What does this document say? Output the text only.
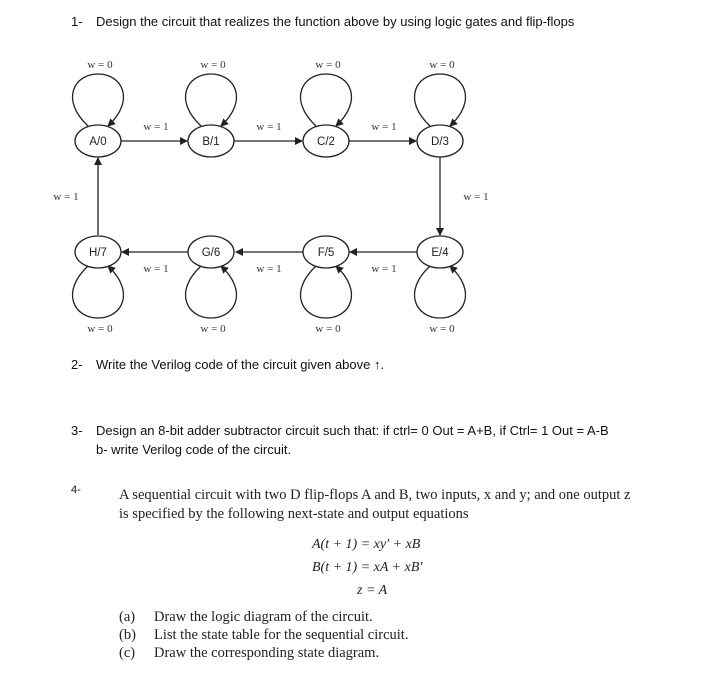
1- Design the circuit that realizes the function above by using logic gates and flip-flops
A/0	B/1	C/2	D/3
E/4
F/5
G/6
H/7
w = 0	w = 0	w = 0	w = 0
w = 0	w = 0	w = 0	w = 0
w = 1	w = 1	w = 1
w = 1
w = 1
w = 1
w = 1
w = 1
2- Write the Verilog code of the circuit given above ↑.
3- Design an 8-bit adder subtractor circuit such that: if ctrl= 0 Out = A+B, if Ctrl= 1 Out = A-B
b- write Verilog code of the circuit.
4-	A sequential circuit with two D flip-flops A and B, two inputs, x and y; and one output z
is specified by the following next-state and output equations
A(t + 1) = xy′ + xB
B(t + 1) = xA + xB′
z = A
(a) Draw the logic diagram of the circuit.
(b) List the state table for the sequential circuit.
(c) Draw the corresponding state diagram.
